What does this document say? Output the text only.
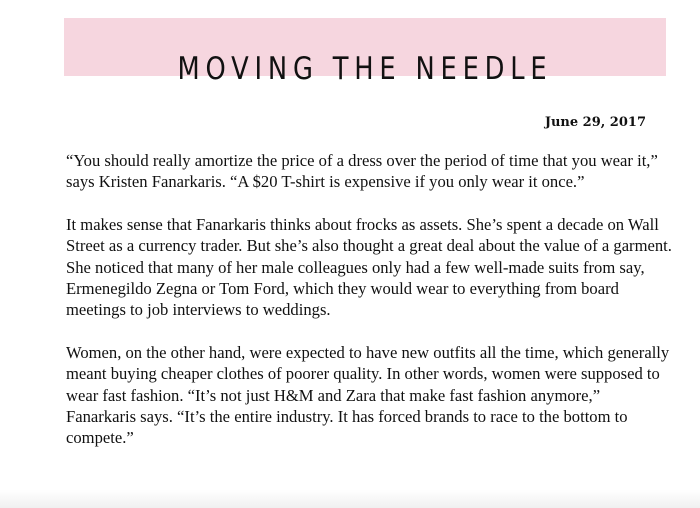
MOVING THE NEEDLE
June 29, 2017

“You should really amortize the price of a dress over the period of time that you wear it,” says Kristen Fanarkaris. “A $20 T-shirt is expensive if you only wear it once.”

It makes sense that Fanarkaris thinks about frocks as assets. She’s spent a decade on Wall Street as a currency trader. But she’s also thought a great deal about the value of a garment. She noticed that many of her male colleagues only had a few well-made suits from say, Ermenegildo Zegna or Tom Ford, which they would wear to everything from board meetings to job interviews to weddings.

Women, on the other hand, were expected to have new outfits all the time, which generally meant buying cheaper clothes of poorer quality. In other words, women were supposed to wear fast fashion. “It’s not just H&M and Zara that make fast fashion anymore,” Fanarkaris says. “It’s the entire industry. It has forced brands to race to the bottom to compete.”
